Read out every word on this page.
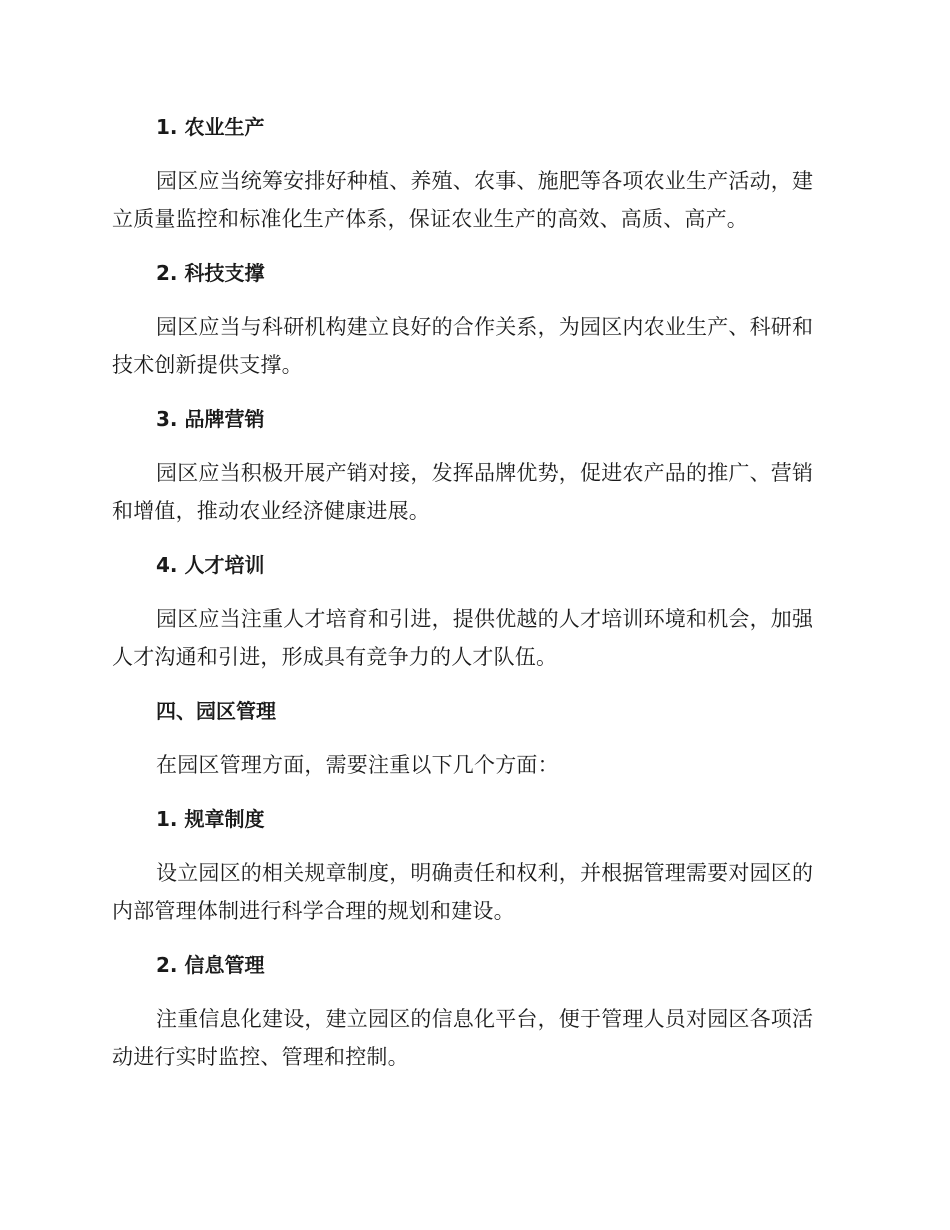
1. 农业生产

园区应当统筹安排好种植、养殖、农事、施肥等各项农业生产活动，建立质量监控和标准化生产体系，保证农业生产的高效、高质、高产。

2. 科技支撑

园区应当与科研机构建立良好的合作关系，为园区内农业生产、科研和技术创新提供支撑。

3. 品牌营销

园区应当积极开展产销对接，发挥品牌优势，促进农产品的推广、营销和增值，推动农业经济健康进展。

4. 人才培训

园区应当注重人才培育和引进，提供优越的人才培训环境和机会，加强人才沟通和引进，形成具有竞争力的人才队伍。

四、园区管理

在园区管理方面，需要注重以下几个方面：

1. 规章制度

设立园区的相关规章制度，明确责任和权利，并根据管理需要对园区的内部管理体制进行科学合理的规划和建设。

2. 信息管理

注重信息化建设，建立园区的信息化平台，便于管理人员对园区各项活动进行实时监控、管理和控制。
